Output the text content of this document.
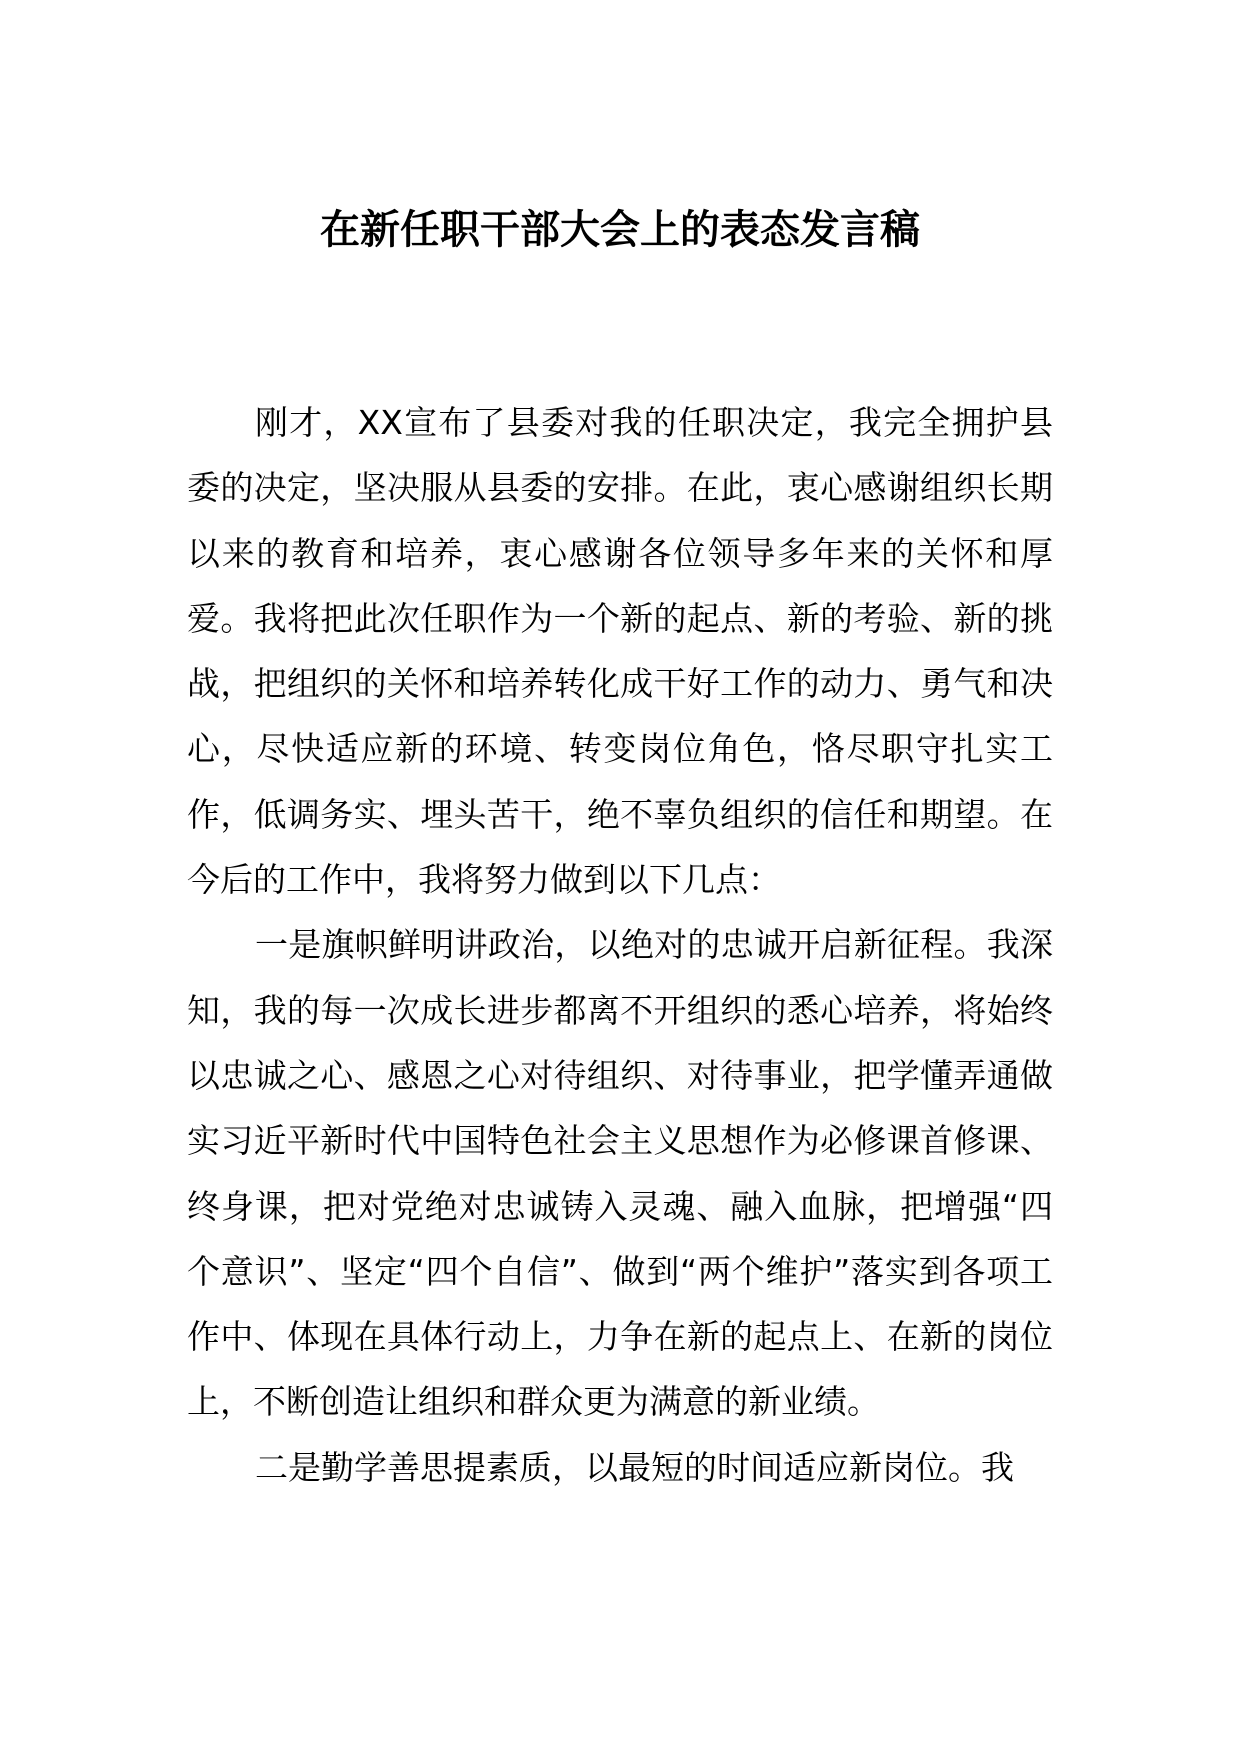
在新任职干部大会上的表态发言稿

刚才，XX宣布了县委对我的任职决定，我完全拥护县委的决定，坚决服从县委的安排。在此，衷心感谢组织长期以来的教育和培养，衷心感谢各位领导多年来的关怀和厚爱。我将把此次任职作为一个新的起点、新的考验、新的挑战，把组织的关怀和培养转化成干好工作的动力、勇气和决心，尽快适应新的环境、转变岗位角色，恪尽职守扎实工作，低调务实、埋头苦干，绝不辜负组织的信任和期望。在今后的工作中，我将努力做到以下几点：

一是旗帜鲜明讲政治，以绝对的忠诚开启新征程。我深知，我的每一次成长进步都离不开组织的悉心培养，将始终以忠诚之心、感恩之心对待组织、对待事业，把学懂弄通做实习近平新时代中国特色社会主义思想作为必修课首修课、终身课，把对党绝对忠诚铸入灵魂、融入血脉，把增强“四个意识”、坚定“四个自信”、做到“两个维护”落实到各项工作中、体现在具体行动上，力争在新的起点上、在新的岗位上，不断创造让组织和群众更为满意的新业绩。

二是勤学善思提素质，以最短的时间适应新岗位。我
